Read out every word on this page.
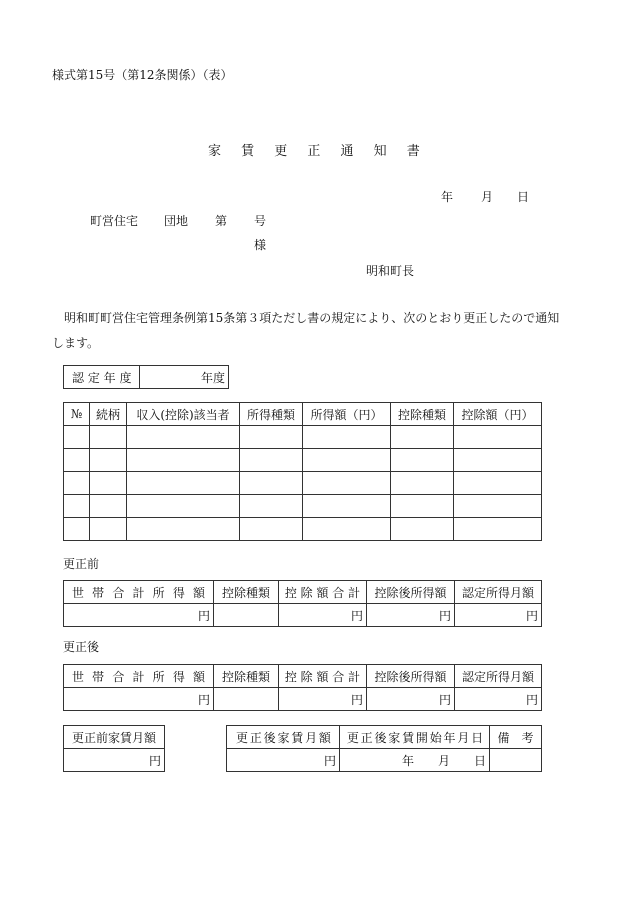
様式第15号（第12条関係）（表）
家 賃 更 正 通 知 書
年 月 日
町営住宅 団地 第 号
様
明和町長
明和町町営住宅管理条例第15条第３項ただし書の規定により、次のとおり更正したので通知します。
認 定 年 度	年度
№	続柄	収入(控除)該当者	所得種類	所得額（円）	控除種類	控除額（円）

更正前
世 帯 合 計 所 得 額	控除種類	控 除 額 合 計	控除後所得額	認定所得月額
円		円	円	円
更正後
世 帯 合 計 所 得 額	控除種類	控 除 額 合 計	控除後所得額	認定所得月額
円		円	円	円
更正前家賃月額
円
更 正 後 家 賃 月 額	更 正 後 家 賃 開 始 年 月 日	備　考
円	年　　月　　日	
